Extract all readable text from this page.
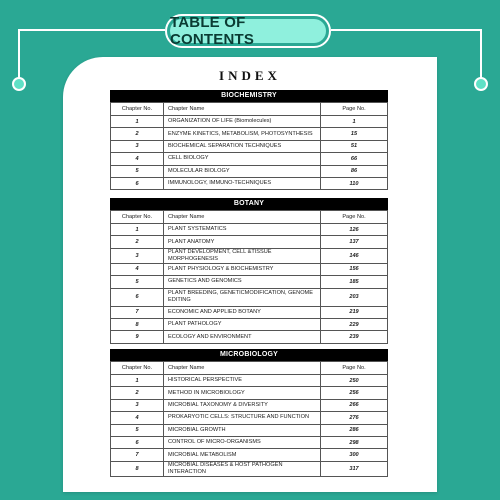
TABLE OF CONTENTS
INDEX
BIOCHEMISTRY
Chapter No.	Chapter Name	Page No.
1	ORGANIZATION OF LIFE (Biomolecules)	1
2	ENZYME KINETICS, METABOLISM, PHOTOSYNTHESIS	15
3	BIOCHEMICAL SEPARATION TECHNIQUES	51
4	CELL BIOLOGY	66
5	MOLECULAR BIOLOGY	86
6	IMMUNOLOGY, IMMUNO-TECHNIQUES	110
BOTANY
Chapter No.	Chapter Name	Page No.
1	PLANT SYSTEMATICS	126
2	PLANT ANATOMY	137
3	PLANT DEVELOPMENT, CELL &TISSUE MORPHOGENESIS	146
4	PLANT PHYSIOLOGY & BIOCHEMISTRY	156
5	GENETICS AND GENOMICS	185
6	PLANT BREEDING, GENETICMODIFICATION, GENOME EDITING	203
7	ECONOMIC AND APPLIED BOTANY	219
8	PLANT PATHOLOGY	229
9	ECOLOGY AND ENVIRONMENT	239
MICROBIOLOGY
Chapter No.	Chapter Name	Page No.
1	HISTORICAL PERSPECTIVE	250
2	METHOD IN MICROBIOLOGY	256
3	MICROBIAL TAXONOMY & DIVERSITY	266
4	PROKARYOTIC CELLS: STRUCTURE AND FUNCTION	276
5	MICROBIAL GROWTH	286
6	CONTROL OF MICRO-ORGANISMS	298
7	MICROBIAL METABOLISM	300
8	MICROBIAL DISEASES & HOST PATHOGEN INTERACTION	317
